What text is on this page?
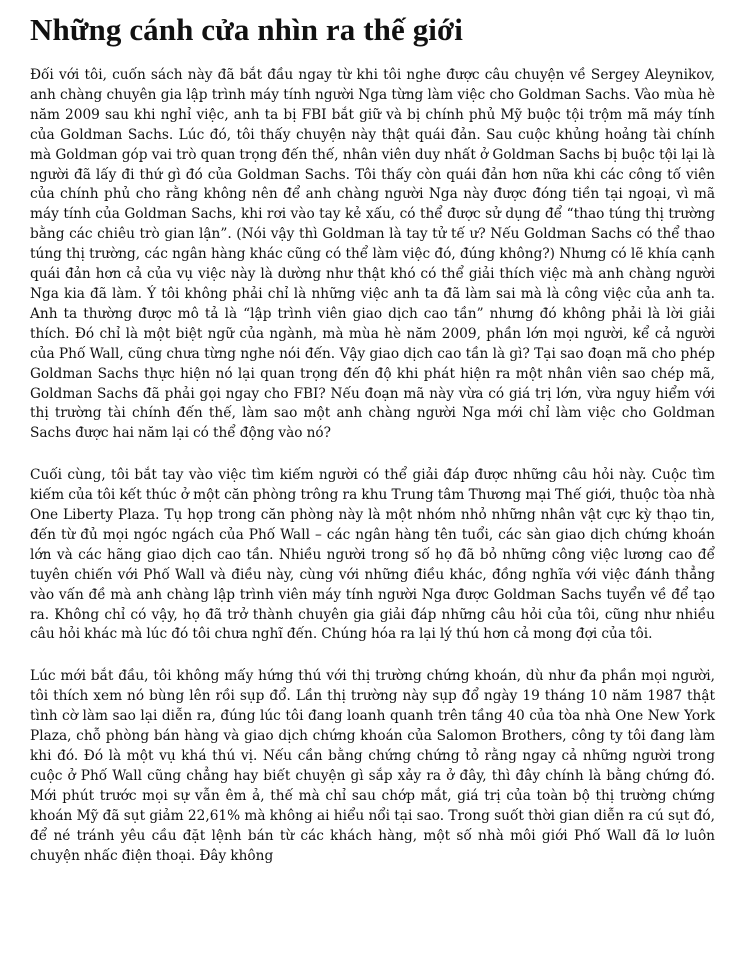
Những cánh cửa nhìn ra thế giới

Đối với tôi, cuốn sách này đã bắt đầu ngay từ khi tôi nghe được câu chuyện về Sergey Aleynikov, anh chàng chuyên gia lập trình máy tính người Nga từng làm việc cho Goldman Sachs. Vào mùa hè năm 2009 sau khi nghỉ việc, anh ta bị FBI bắt giữ và bị chính phủ Mỹ buộc tội trộm mã máy tính của Goldman Sachs. Lúc đó, tôi thấy chuyện này thật quái đản. Sau cuộc khủng hoảng tài chính mà Goldman góp vai trò quan trọng đến thế, nhân viên duy nhất ở Goldman Sachs bị buộc tội lại là người đã lấy đi thứ gì đó của Goldman Sachs. Tôi thấy còn quái đản hơn nữa khi các công tố viên của chính phủ cho rằng không nên để anh chàng người Nga này được đóng tiền tại ngoại, vì mã máy tính của Goldman Sachs, khi rơi vào tay kẻ xấu, có thể được sử dụng để “thao túng thị trường bằng các chiêu trò gian lận”. (Nói vậy thì Goldman là tay tử tế ư? Nếu Goldman Sachs có thể thao túng thị trường, các ngân hàng khác cũng có thể làm việc đó, đúng không?) Nhưng có lẽ khía cạnh quái đản hơn cả của vụ việc này là dường như thật khó có thể giải thích việc mà anh chàng người Nga kia đã làm. Ý tôi không phải chỉ là những việc anh ta đã làm sai mà là công việc của anh ta. Anh ta thường được mô tả là “lập trình viên giao dịch cao tần” nhưng đó không phải là lời giải thích. Đó chỉ là một biệt ngữ của ngành, mà mùa hè năm 2009, phần lớn mọi người, kể cả người của Phố Wall, cũng chưa từng nghe nói đến. Vậy giao dịch cao tần là gì? Tại sao đoạn mã cho phép Goldman Sachs thực hiện nó lại quan trọng đến độ khi phát hiện ra một nhân viên sao chép mã, Goldman Sachs đã phải gọi ngay cho FBI? Nếu đoạn mã này vừa có giá trị lớn, vừa nguy hiểm với thị trường tài chính đến thế, làm sao một anh chàng người Nga mới chỉ làm việc cho Goldman Sachs được hai năm lại có thể động vào nó?

Cuối cùng, tôi bắt tay vào việc tìm kiếm người có thể giải đáp được những câu hỏi này. Cuộc tìm kiếm của tôi kết thúc ở một căn phòng trông ra khu Trung tâm Thương mại Thế giới, thuộc tòa nhà One Liberty Plaza. Tụ họp trong căn phòng này là một nhóm nhỏ những nhân vật cực kỳ thạo tin, đến từ đủ mọi ngóc ngách của Phố Wall – các ngân hàng tên tuổi, các sàn giao dịch chứng khoán lớn và các hãng giao dịch cao tần. Nhiều người trong số họ đã bỏ những công việc lương cao để tuyên chiến với Phố Wall và điều này, cùng với những điều khác, đồng nghĩa với việc đánh thẳng vào vấn đề mà anh chàng lập trình viên máy tính người Nga được Goldman Sachs tuyển về để tạo ra. Không chỉ có vậy, họ đã trở thành chuyên gia giải đáp những câu hỏi của tôi, cũng như nhiều câu hỏi khác mà lúc đó tôi chưa nghĩ đến. Chúng hóa ra lại lý thú hơn cả mong đợi của tôi.

Lúc mới bắt đầu, tôi không mấy hứng thú với thị trường chứng khoán, dù như đa phần mọi người, tôi thích xem nó bùng lên rồi sụp đổ. Lần thị trường này sụp đổ ngày 19 tháng 10 năm 1987 thật tình cờ làm sao lại diễn ra, đúng lúc tôi đang loanh quanh trên tầng 40 của tòa nhà One New York Plaza, chỗ phòng bán hàng và giao dịch chứng khoán của Salomon Brothers, công ty tôi đang làm khi đó. Đó là một vụ khá thú vị. Nếu cần bằng chứng chứng tỏ rằng ngay cả những người trong cuộc ở Phố Wall cũng chẳng hay biết chuyện gì sắp xảy ra ở đây, thì đây chính là bằng chứng đó. Mới phút trước mọi sự vẫn êm ả, thế mà chỉ sau chớp mắt, giá trị của toàn bộ thị trường chứng khoán Mỹ đã sụt giảm 22,61% mà không ai hiểu nổi tại sao. Trong suốt thời gian diễn ra cú sụt đó, để né tránh yêu cầu đặt lệnh bán từ các khách hàng, một số nhà môi giới Phố Wall đã lơ luôn chuyện nhấc điện thoại. Đây không
